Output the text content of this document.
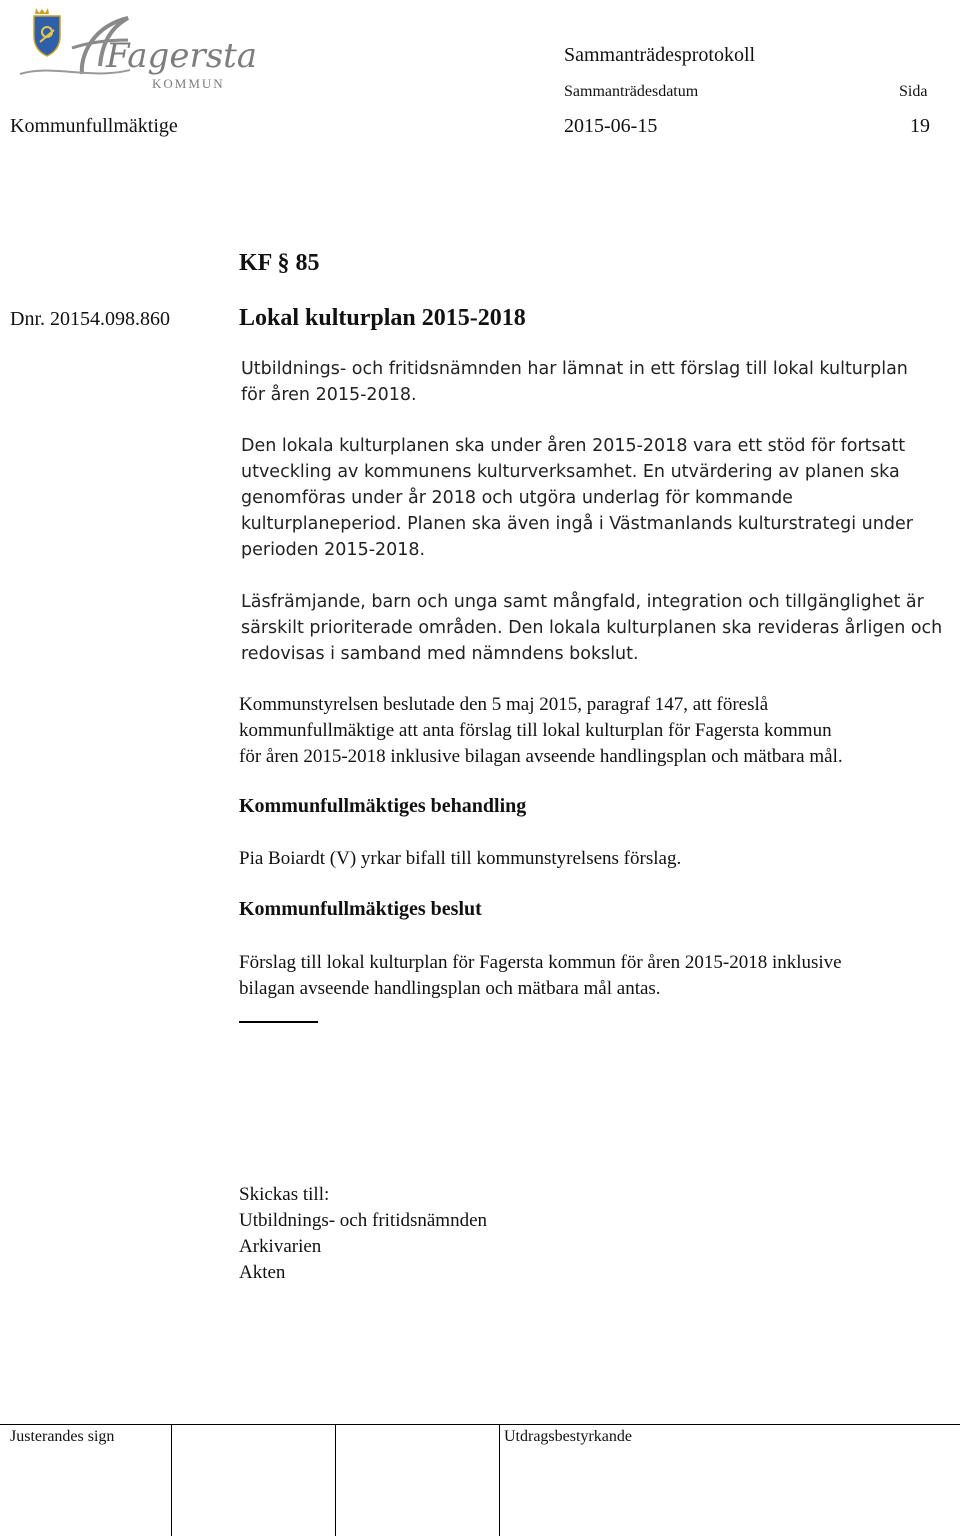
Fagersta
KOMMUN
Sammanträdesprotokoll
Sammanträdesdatum	Sida
Kommunfullmäktige	2015-06-15	19
KF § 85
Dnr. 20154.098.860	Lokal kulturplan 2015-2018
Utbildnings- och fritidsnämnden har lämnat in ett förslag till lokal kulturplan
för åren 2015-2018.
Den lokala kulturplanen ska under åren 2015-2018 vara ett stöd för fortsatt
utveckling av kommunens kulturverksamhet. En utvärdering av planen ska
genomföras under år 2018 och utgöra underlag för kommande
kulturplaneperiod. Planen ska även ingå i Västmanlands kulturstrategi under
perioden 2015-2018.
Läsfrämjande, barn och unga samt mångfald, integration och tillgänglighet är
särskilt prioriterade områden. Den lokala kulturplanen ska revideras årligen och
redovisas i samband med nämndens bokslut.
Kommunstyrelsen beslutade den 5 maj 2015, paragraf 147, att föreslå
kommunfullmäktige att anta förslag till lokal kulturplan för Fagersta kommun
för åren 2015-2018 inklusive bilagan avseende handlingsplan och mätbara mål.
Kommunfullmäktiges behandling
Pia Boiardt (V) yrkar bifall till kommunstyrelsens förslag.
Kommunfullmäktiges beslut
Förslag till lokal kulturplan för Fagersta kommun för åren 2015-2018 inklusive
bilagan avseende handlingsplan och mätbara mål antas.
Skickas till:
Utbildnings- och fritidsnämnden
Arkivarien
Akten
Justerandes sign	Utdragsbestyrkande
